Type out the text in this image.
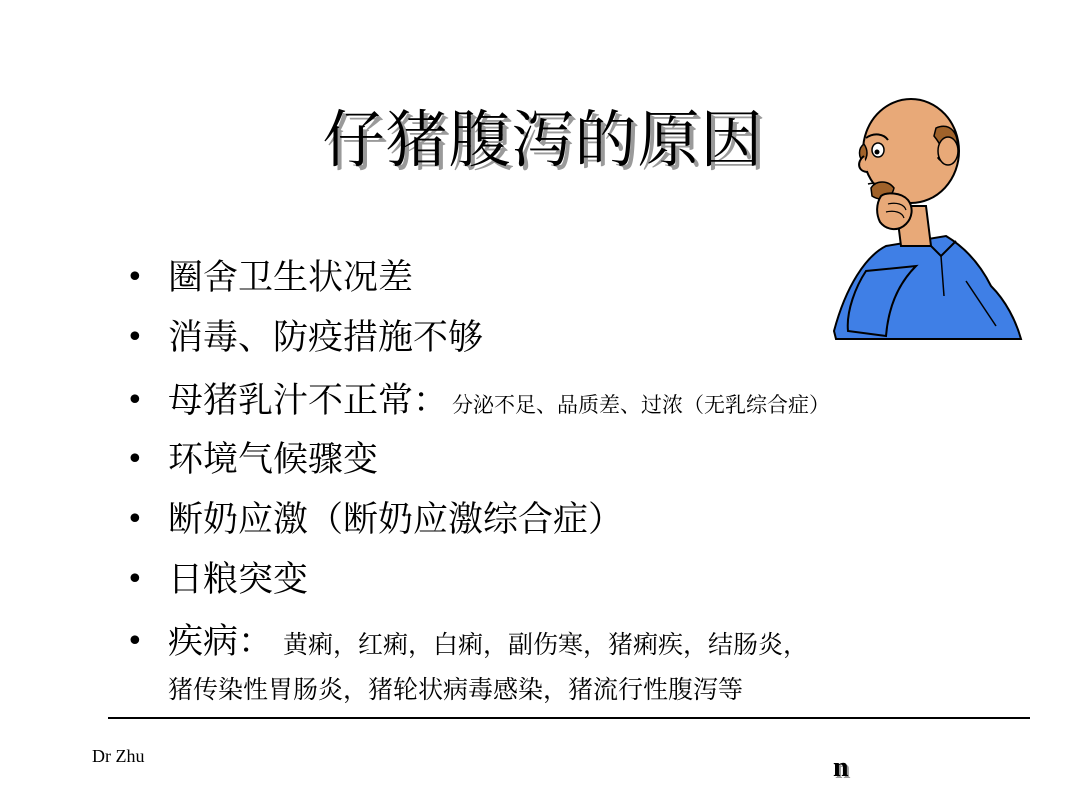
仔猪腹泻的原因
• 圈舍卫生状况差
• 消毒、防疫措施不够
• 母猪乳汁不正常： 分泌不足、品质差、过浓（无乳综合症）
• 环境气候骤变
• 断奶应激（断奶应激综合症）
• 日粮突变
• 疾病： 黄痢，红痢，白痢，副伤寒，猪痢疾，结肠炎，
猪传染性胃肠炎，猪轮状病毒感染，猪流行性腹泻等
Dr Zhu	n
